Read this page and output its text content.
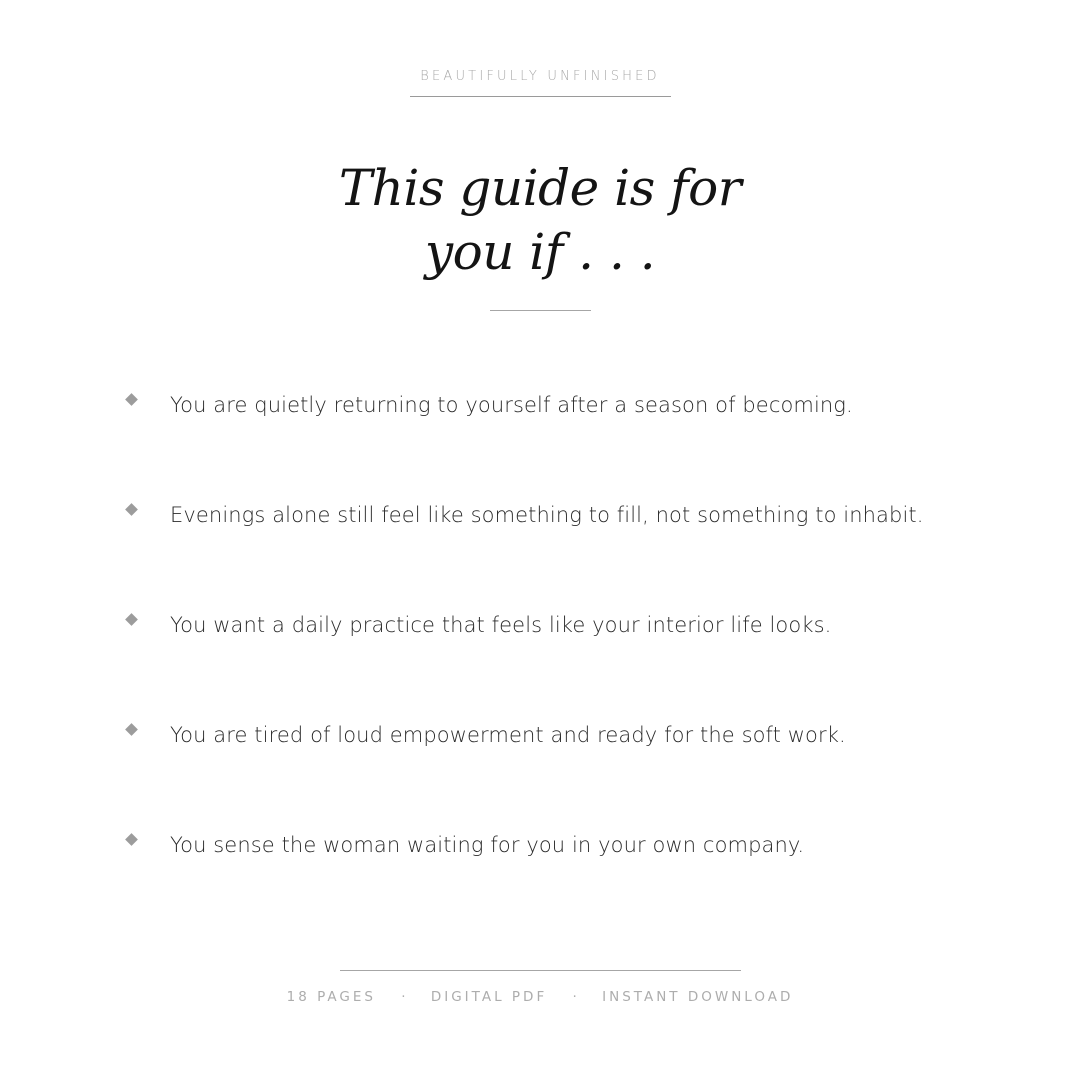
BEAUTIFULLY UNFINISHED
This guide is for
you if . . .
You are quietly returning to yourself after a season of becoming.
Evenings alone still feel like something to fill, not something to inhabit.
You want a daily practice that feels like your interior life looks.
You are tired of loud empowerment and ready for the soft work.
You sense the woman waiting for you in your own company.
18 PAGES · DIGITAL PDF · INSTANT DOWNLOAD
